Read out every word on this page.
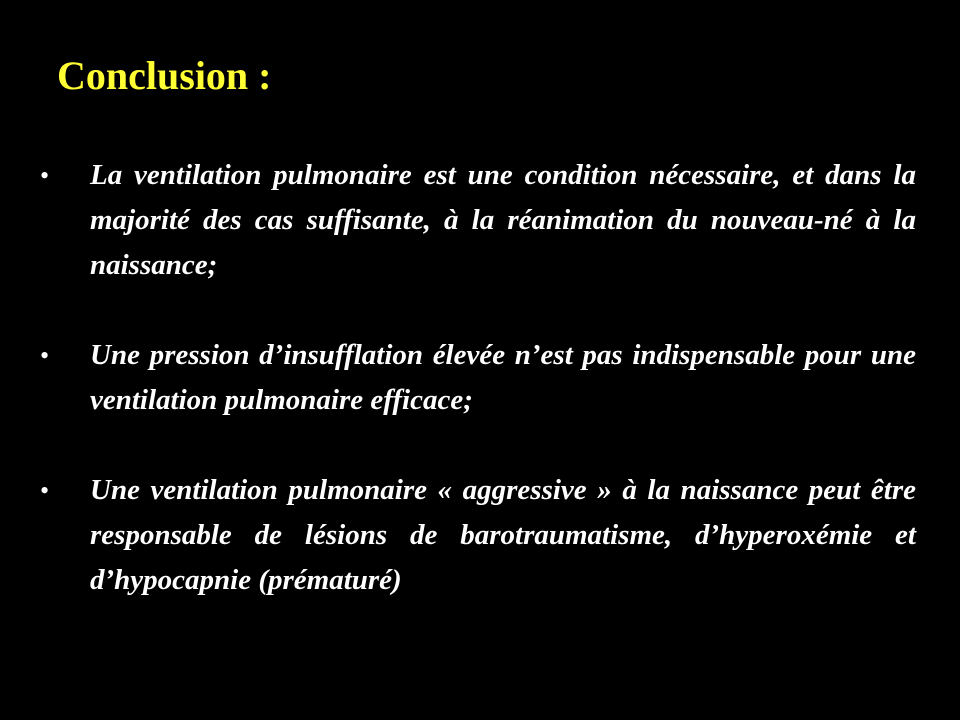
Conclusion :
• La ventilation pulmonaire est une condition nécessaire, et dans la majorité des cas suffisante, à la réanimation du nouveau-né à la naissance;
• Une pression d’insufflation élevée n’est pas indispensable pour une ventilation pulmonaire efficace;
• Une ventilation pulmonaire « aggressive » à la naissance peut être responsable de lésions de barotraumatisme, d’hyperoxémie et d’hypocapnie (prématuré)
